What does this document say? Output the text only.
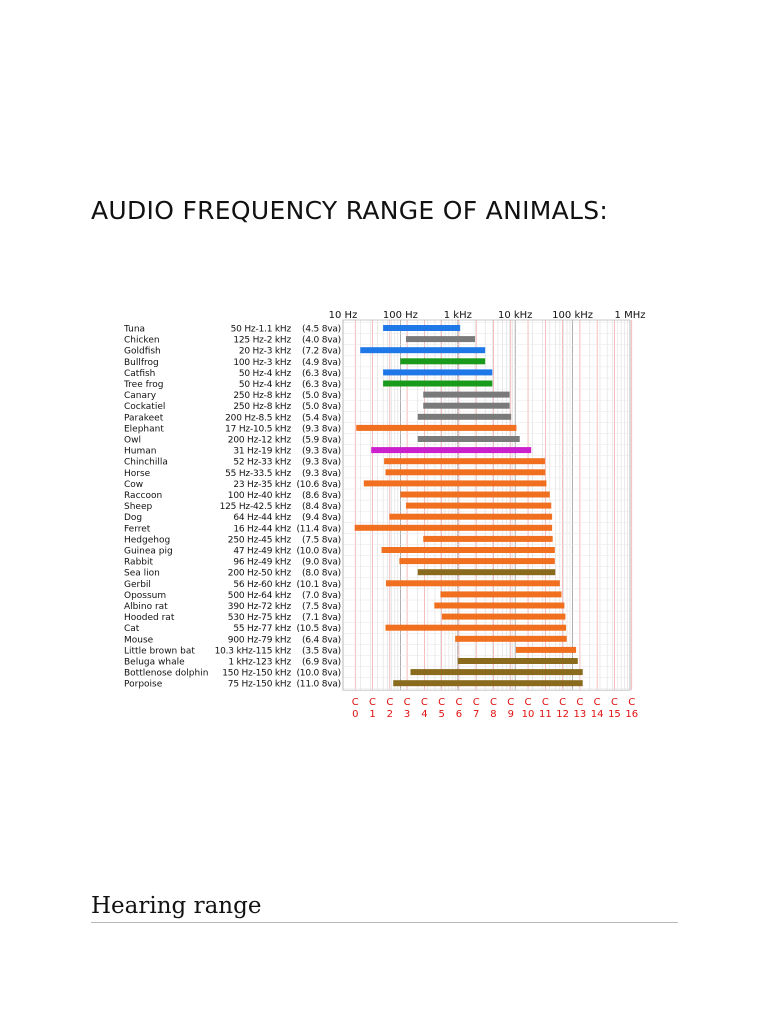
AUDIO FREQUENCY RANGE OF ANIMALS:
10 Hz	100 Hz	1 kHz	10 kHz 100 kHz 1 MHz
Tuna	50 Hz-1.1 kHz (4.5 8va)
Chicken	125 Hz-2 kHz (4.0 8va)
Goldfish	20 Hz-3 kHz (7.2 8va)
Bullfrog	100 Hz-3 kHz (4.9 8va)
Catfish	50 Hz-4 kHz (6.3 8va)
Tree frog	50 Hz-4 kHz (6.3 8va)
Canary	250 Hz-8 kHz (5.0 8va)
Cockatiel	250 Hz-8 kHz (5.0 8va)
Parakeet	200 Hz-8.5 kHz (5.4 8va)
Elephant	17 Hz-10.5 kHz (9.3 8va)
Owl	200 Hz-12 kHz (5.9 8va)
Human	31 Hz-19 kHz (9.3 8va)
Chinchilla	52 Hz-33 kHz (9.3 8va)
Horse	55 Hz-33.5 kHz (9.3 8va)
Cow	23 Hz-35 kHz (10.6 8va)
Raccoon	100 Hz-40 kHz (8.6 8va)
Sheep	125 Hz-42.5 kHz (8.4 8va)
Dog	64 Hz-44 kHz (9.4 8va)
Ferret	16 Hz-44 kHz (11.4 8va)
Hedgehog	250 Hz-45 kHz (7.5 8va)
Guinea pig	47 Hz-49 kHz (10.0 8va)
Rabbit	96 Hz-49 kHz (9.0 8va)
Sea lion	200 Hz-50 kHz (8.0 8va)
Gerbil	56 Hz-60 kHz (10.1 8va)
Opossum	500 Hz-64 kHz (7.0 8va)
Albino rat	390 Hz-72 kHz (7.5 8va)
Hooded rat	530 Hz-75 kHz (7.1 8va)
Cat	55 Hz-77 kHz (10.5 8va)
Mouse	900 Hz-79 kHz (6.4 8va)
Little brown bat 10.3 kHz-115 kHz (3.5 8va)
Beluga whale	1 kHz-123 kHz (6.9 8va)
Bottlenose dolphin 150 Hz-150 kHz (10.0 8va)
Porpoise	75 Hz-150 kHz (11.0 8va)
C
0
C
1
C
2
C
3
C
4
C
5
C
6
C
7
C
8
C
9
C
10
C
11
C
12
C
13
C
14
C
15
C
16
Hearing range
